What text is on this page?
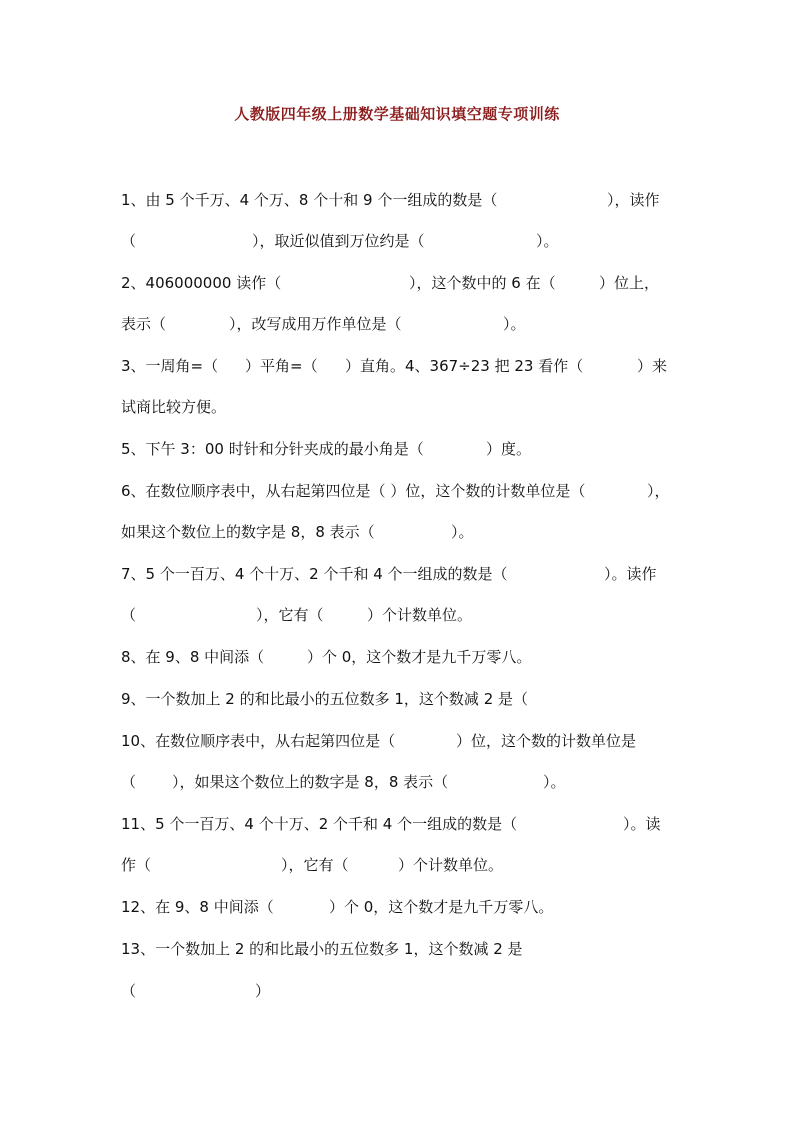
人教版四年级上册数学基础知识填空题专项训练
1、由 5 个千万、4 个万、8 个十和 9 个一组成的数是（	），读作
（	），取近似值到万位约是（	）。
2、406000000 读作（	），这个数中的 6 在（	）位上，
表示（	），改写成用万作单位是（	）。
3、一周角=（ ）平角=（ ）直角。4、367÷23 把 23 看作（	）来
试商比较方便。
5、下午 3：00 时针和分针夹成的最小角是（	）度。
6、在数位顺序表中，从右起第四位是（ ）位，这个数的计数单位是（	），
如果这个数位上的数字是 8，8 表示（	）。
7、5 个一百万、4 个十万、2 个千和 4 个一组成的数是（	）。读作
（	），它有（	）个计数单位。
8、在 9、8 中间添（	）个 0，这个数才是九千万零八。
9、一个数加上 2 的和比最小的五位数多 1，这个数减 2 是（
10、在数位顺序表中，从右起第四位是（	）位，这个数的计数单位是
（ ），如果这个数位上的数字是 8，8 表示（	）。
11、5 个一百万、4 个十万、2 个千和 4 个一组成的数是（	）。读
作（	），它有（	）个计数单位。
12、在 9、8 中间添（	）个 0，这个数才是九千万零八。
13、一个数加上 2 的和比最小的五位数多 1，这个数减 2 是
（	）
